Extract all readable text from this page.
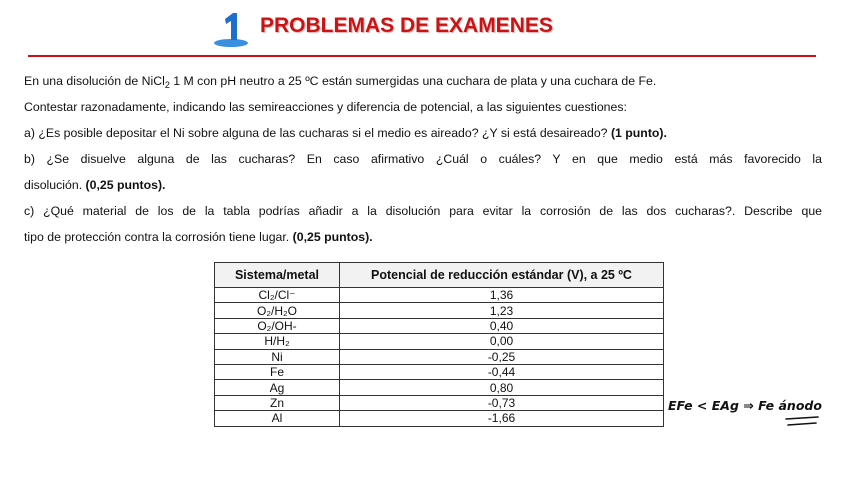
PROBLEMAS DE EXAMENES

En una disolución de NiCl$_2$ 1 M con pH neutro a 25 ºC están sumergidas una cuchara de plata y una cuchara de Fe.

Contestar razonadamente, indicando las semireacciones y diferencia de potencial, a las siguientes cuestiones:

a) ¿Es posible depositar el Ni sobre alguna de las cucharas si el medio es aireado? ¿Y si está desaireado? (1 punto).

b) ¿Se disuelve alguna de las cucharas? En caso afirmativo ¿Cuál o cuáles? Y en que medio está más favorecido la

disolución. (0,25 puntos).

c) ¿Qué material de los de la tabla podrías añadir a la disolución para evitar la corrosión de las dos cucharas?. Describe que

tipo de protección contra la corrosión tiene lugar. (0,25 puntos).

Sistema/metal	Potencial de reducción estándar (V), a 25 ºC
Cl₂/Cl⁻	1,36
O₂/H₂O	1,23
O₂/OH-	0,40
H/H₂	0,00
Ni	-0,25
Fe	-0,44
Ag	0,80
Zn	-0,73
Al	-1,66
EFe < EAg ⇒ Fe ánodo
